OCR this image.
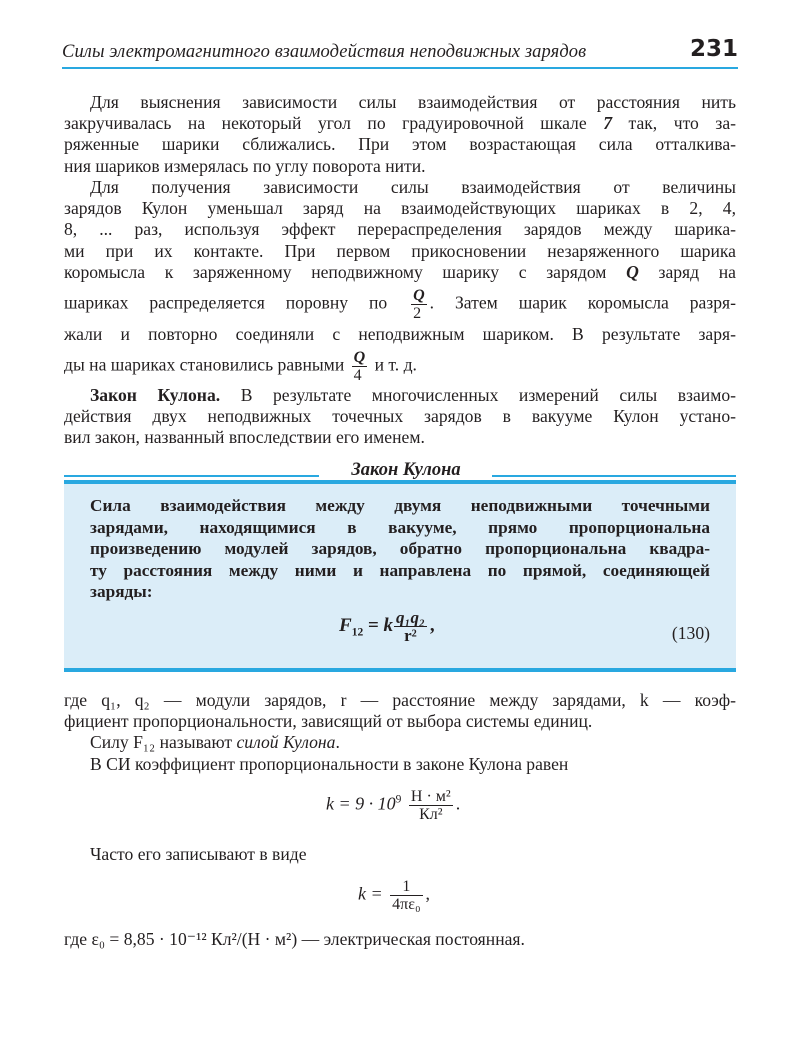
Силы электромагнитного взаимодействия неподвижных зарядов	231
Для выяснения зависимости силы взаимодействия от расстояния нить
закручивалась на некоторый угол по градуировочной шкале 7 так, что за-
ряженные шарики сближались. При этом возрастающая сила отталкива-
ния шариков измерялась по углу поворота нити.
Для получения зависимости силы взаимодействия от величины
зарядов Кулон уменьшал заряд на взаимодействующих шариках в 2, 4,
8, ... раз, используя эффект перераспределения зарядов между шарика-
ми при их контакте. При первом прикосновении незаряженного шарика
коромысла к заряженному неподвижному шарику с зарядом Q заряд на
шариках распределяется поровну по $\frac{Q}{2}$ . Затем шарик коромысла разря-
жали и повторно соединяли с неподвижным шариком. В результате заря-
ды на шариках становились равными $\frac{Q}{4}$ и т. д.
Закон Кулона. В результате многочисленных измерений силы взаимо-
действия двух неподвижных точечных зарядов в вакууме Кулон устано-
вил закон, названный впоследствии его именем.
Закон Кулона
Сила взаимодействия между двумя неподвижными точечными
зарядами, находящимися в вакууме, прямо пропорциональна
произведению модулей зарядов, обратно пропорциональна квадра-
ту расстояния между ними и направлена по прямой, соединяющей
заряды:
$F_{12} = k \frac{\text{q₁q₂}}{\text{r²}}$ ,	(130)
где q₁, q₂ — модули зарядов, r — расстояние между зарядами, k — коэф-
фициент пропорциональности, зависящий от выбора системы единиц.
Силу F₁₂ называют силой Кулона.
В СИ коэффициент пропорциональности в законе Кулона равен
$k = 9 \cdot 10^9 \frac{\text{Н · м²}}{\text{Кл²}}$ .
Часто его записывают в виде
$k = \frac{1}{\text{4πε₀}}$ ,
где ε₀ = 8,85 · 10⁻¹² Кл²/(Н · м²) — электрическая постоянная.
